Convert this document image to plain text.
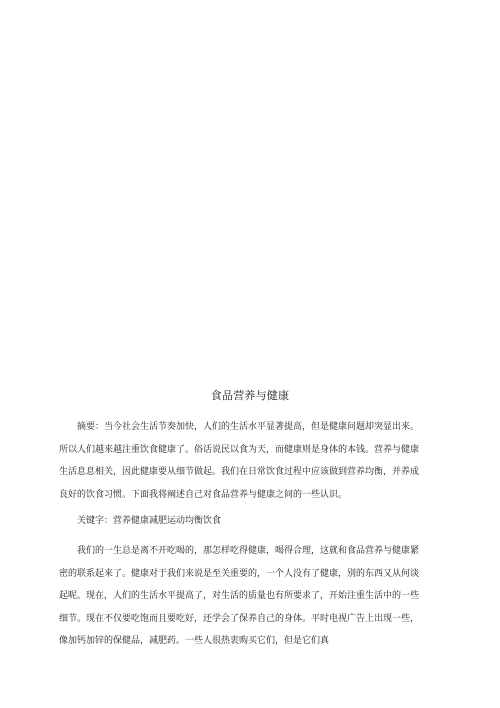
食品营养与健康
　　摘要：当今社会生活节奏加快，人们的生活水平显著提高，但是健康问题却突显出来。
所以人们越来越注重饮食健康了。俗话说民以食为天，而健康则是身体的本钱。营养与健康
生活息息相关，因此健康要从细节做起。我们在日常饮食过程中应该做到营养均衡，并养成
良好的饮食习惯。下面我将阐述自己对食品营养与健康之间的一些认识。
　　关键字：营养健康减肥运动均衡饮食
　　我们的一生总是离不开吃喝的，那怎样吃得健康，喝得合理，这就和食品营养与健康紧
密的联系起来了。健康对于我们来说是至关重要的，一个人没有了健康，别的东西又从何谈
起呢。现在，人们的生活水平提高了，对生活的质量也有所要求了，开始注重生活中的一些
细节。现在不仅要吃饱而且要吃好，还学会了保养自己的身体。平时电视广告上出现一些，
像加钙加锌的保健品，减肥药。一些人很热衷购买它们，但是它们真
